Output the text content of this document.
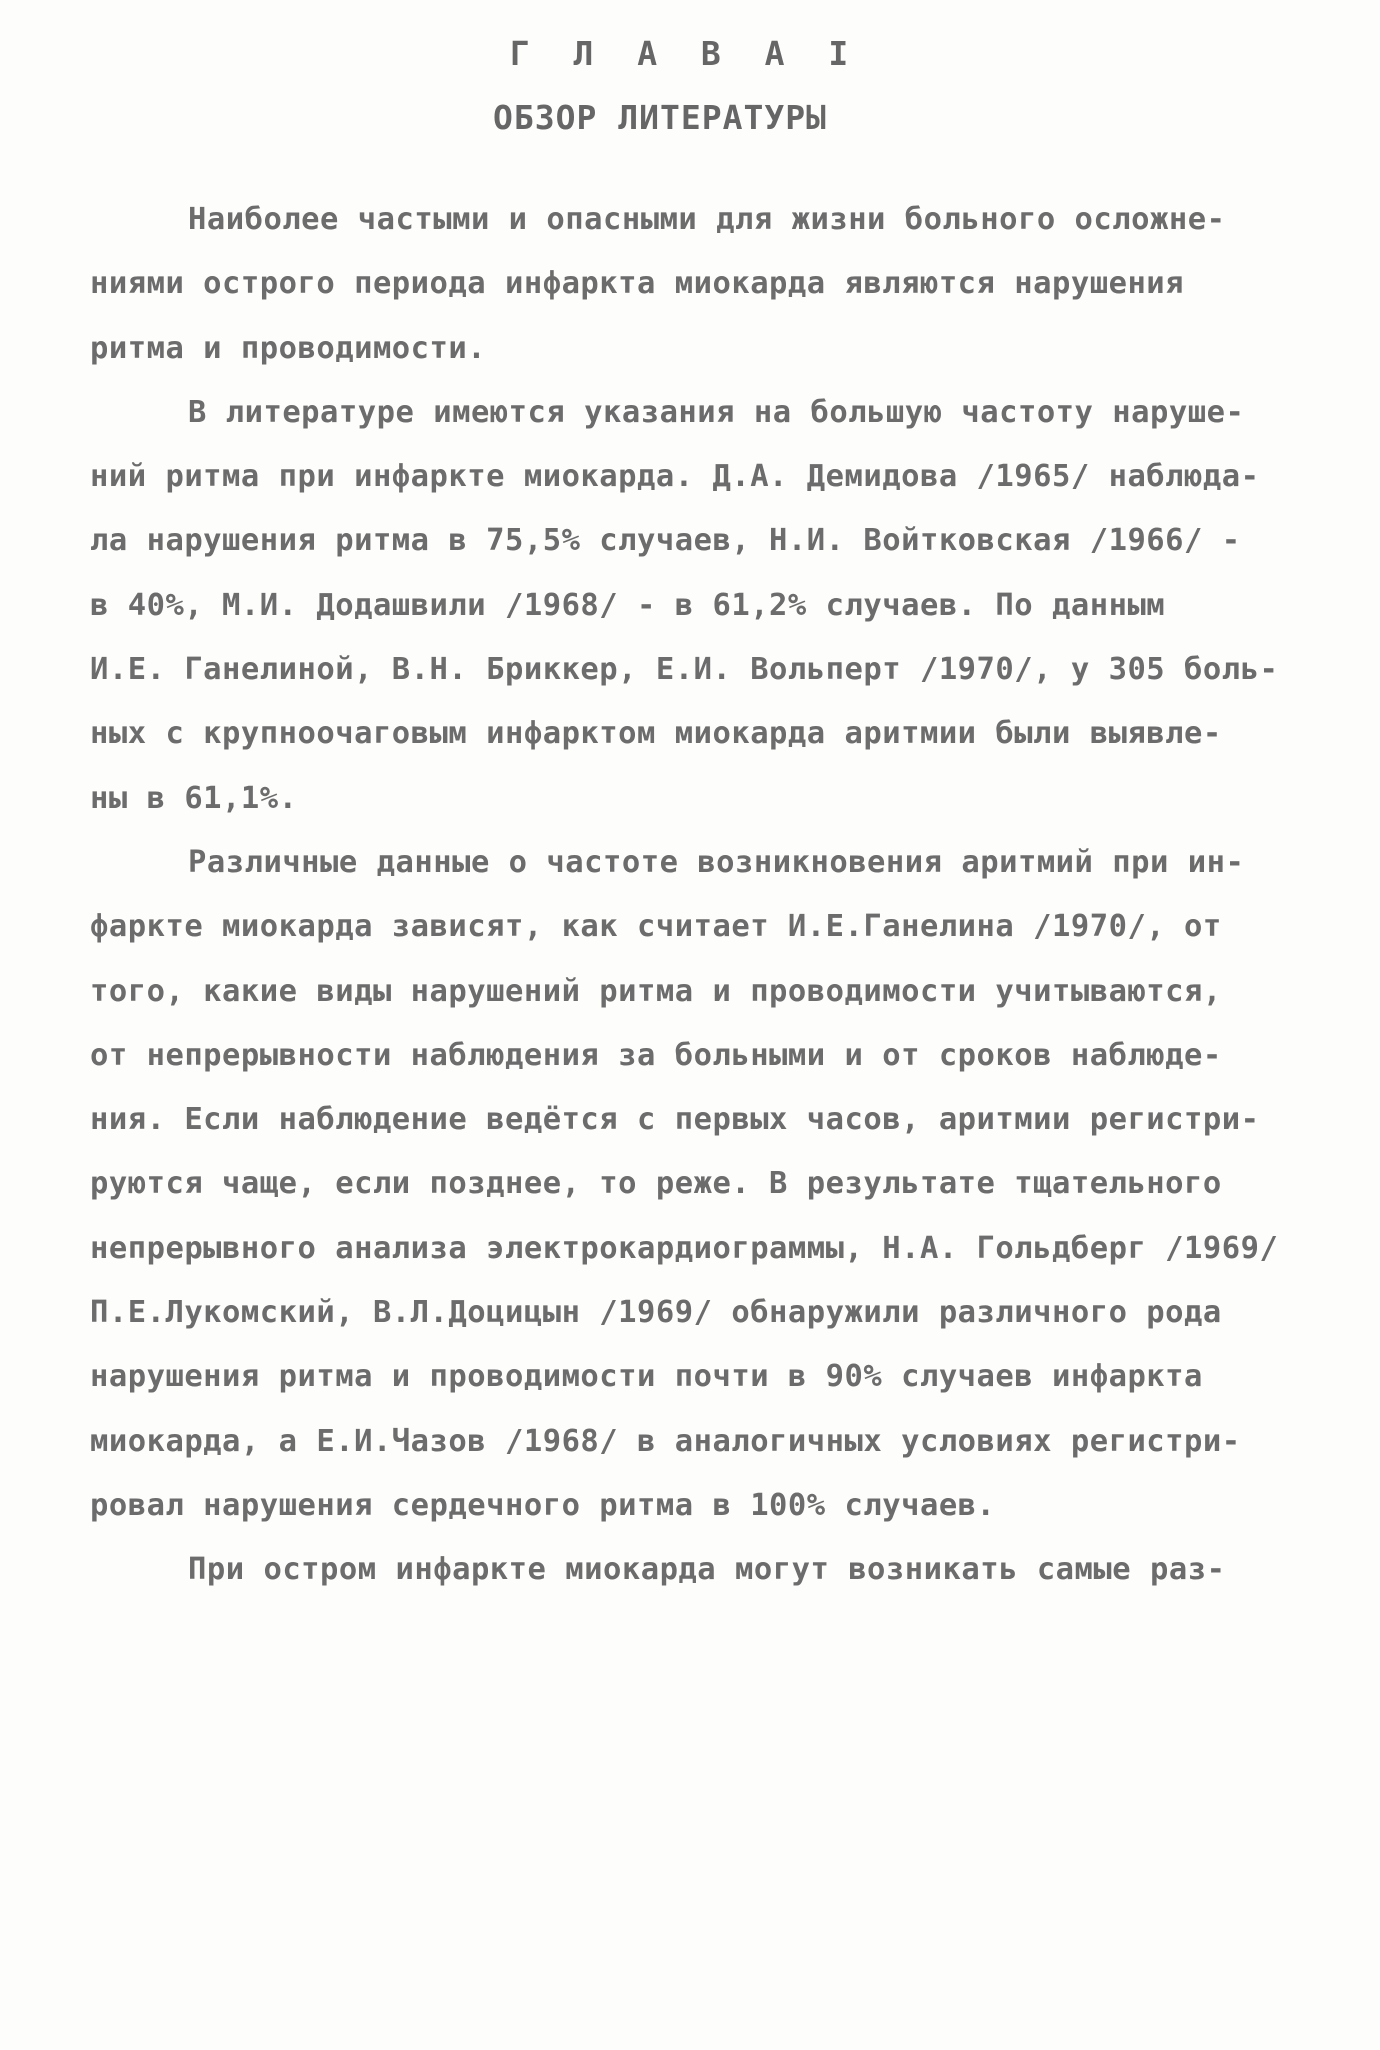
Г Л А В А I
ОБЗОР ЛИТЕРАТУРЫ
Наиболее частыми и опасными для жизни больного осложне-
ниями острого периода инфаркта миокарда являются нарушения
ритма и проводимости.
В литературе имеются указания на большую частоту наруше-
ний ритма при инфаркте миокарда. Д.А. Демидова /1965/ наблюда-
ла нарушения ритма в 75,5% случаев, Н.И. Войтковская /1966/ -
в 40%, М.И. Додашвили /1968/ - в 61,2% случаев. По данным
И.Е. Ганелиной, В.Н. Бриккер, Е.И. Вольперт /1970/, у 305 боль-
ных с крупноочаговым инфарктом миокарда аритмии были выявле-
ны в 61,1%.
Различные данные о частоте возникновения аритмий при ин-
фаркте миокарда зависят, как считает И.Е.Ганелина /1970/, от
того, какие виды нарушений ритма и проводимости учитываются,
от непрерывности наблюдения за больными и от сроков наблюде-
ния. Если наблюдение ведётся с первых часов, аритмии регистри-
руются чаще, если позднее, то реже. В результате тщательного
непрерывного анализа электрокардиограммы, Н.А. Гольдберг /1969/
П.Е.Лукомский, В.Л.Доцицын /1969/ обнаружили различного рода
нарушения ритма и проводимости почти в 90% случаев инфаркта
миокарда, а Е.И.Чазов /1968/ в аналогичных условиях регистри-
ровал нарушения сердечного ритма в 100% случаев.
При остром инфаркте миокарда могут возникать самые раз-
